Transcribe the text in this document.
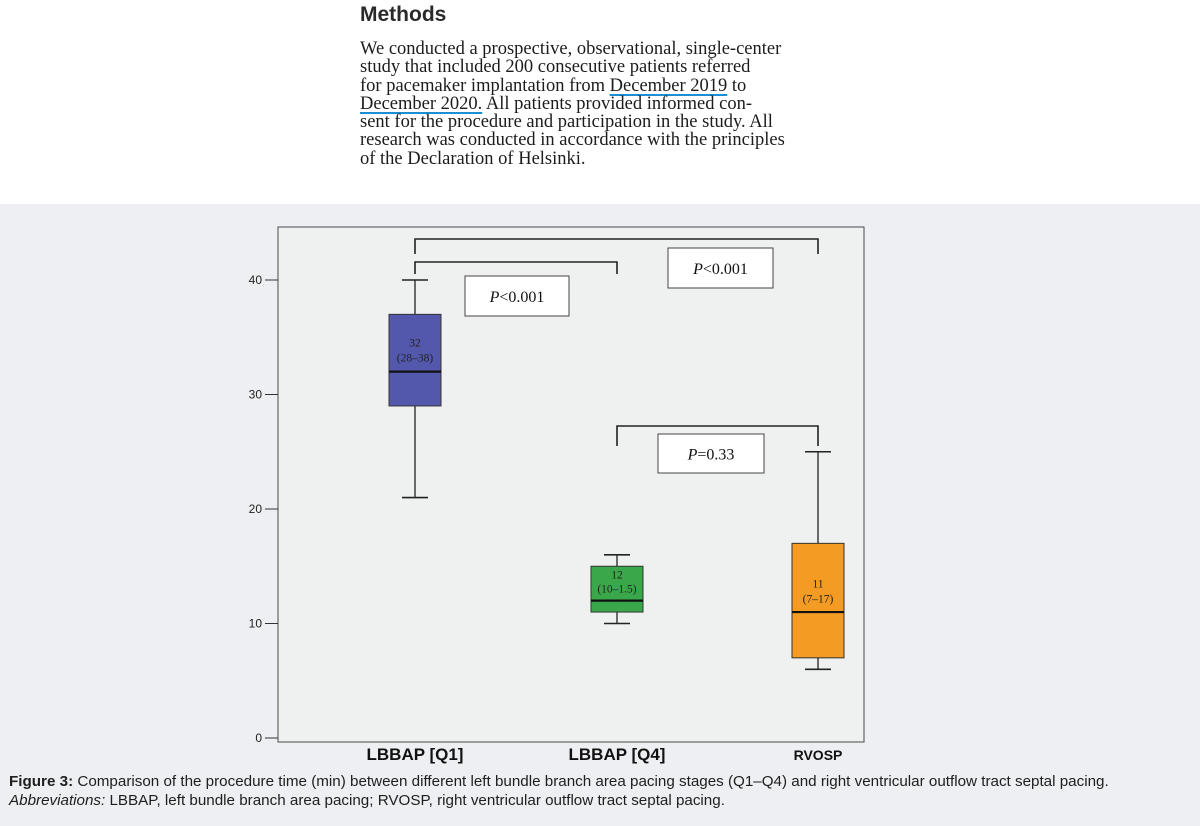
Methods
We conducted a prospective, observational, single-center
study that included 200 consecutive patients referred
for pacemaker implantation from December 2019 to
December 2020. All patients provided informed con-
sent for the procedure and participation in the study. All
research was conducted in accordance with the principles
of the Declaration of Helsinki.
0
10
20
30
40
32
(28–38)
12
(10–1.5)	11
(7–17)
P<0.001
P<0.001
P=0.33
LBBAP [Q1]	LBBAP [Q4]	RVOSP
Figure 3: Comparison of the procedure time (min) between different left bundle branch area pacing stages (Q1–Q4) and right ventricular outflow tract septal pacing.
Abbreviations: LBBAP, left bundle branch area pacing; RVOSP, right ventricular outflow tract septal pacing.
